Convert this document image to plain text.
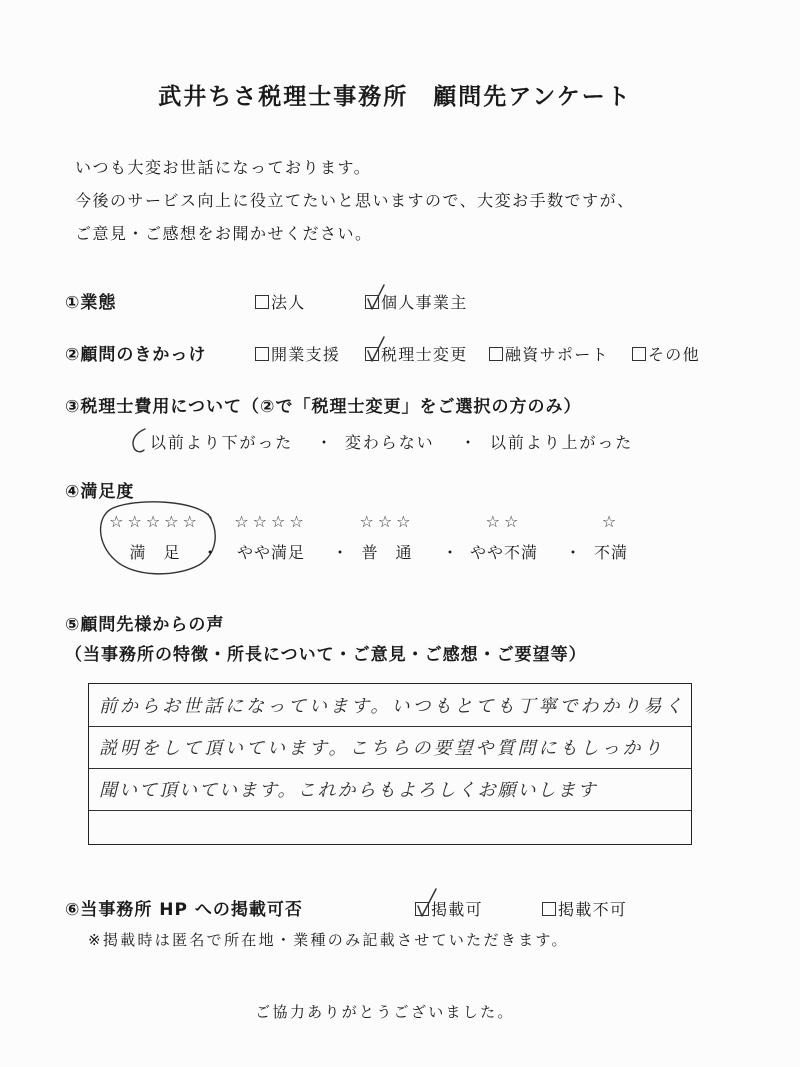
武井ちさ税理士事務所　顧問先アンケート
いつも大変お世話になっております。
今後のサービス向上に役立てたいと思いますので、大変お手数ですが、
ご意見・ご感想をお聞かせください。
①業態	法人	個人事業主
②顧問のきかっけ	開業支援	税理士変更	融資サポート	その他
③税理士費用について（②で「税理士変更」をご選択の方のみ）
以前より下がった ・ 変わらない ・ 以前より上がった
④満足度
☆☆☆☆☆
満　足
☆☆☆☆
やや満足
☆☆☆
普　通
☆☆
やや不満
☆
不満
・	・	・	・
⑤顧問先様からの声
（当事務所の特徴・所長について・ご意見・ご感想・ご要望等）
前からお世話になっています。いつもとても丁寧でわかり易く
説明をして頂いています。こちらの要望や質問にもしっかり
聞いて頂いています。これからもよろしくお願いします
⑥当事務所 HP への掲載可否	掲載可	掲載不可
※掲載時は匿名で所在地・業種のみ記載させていただきます。
ご協力ありがとうございました。
